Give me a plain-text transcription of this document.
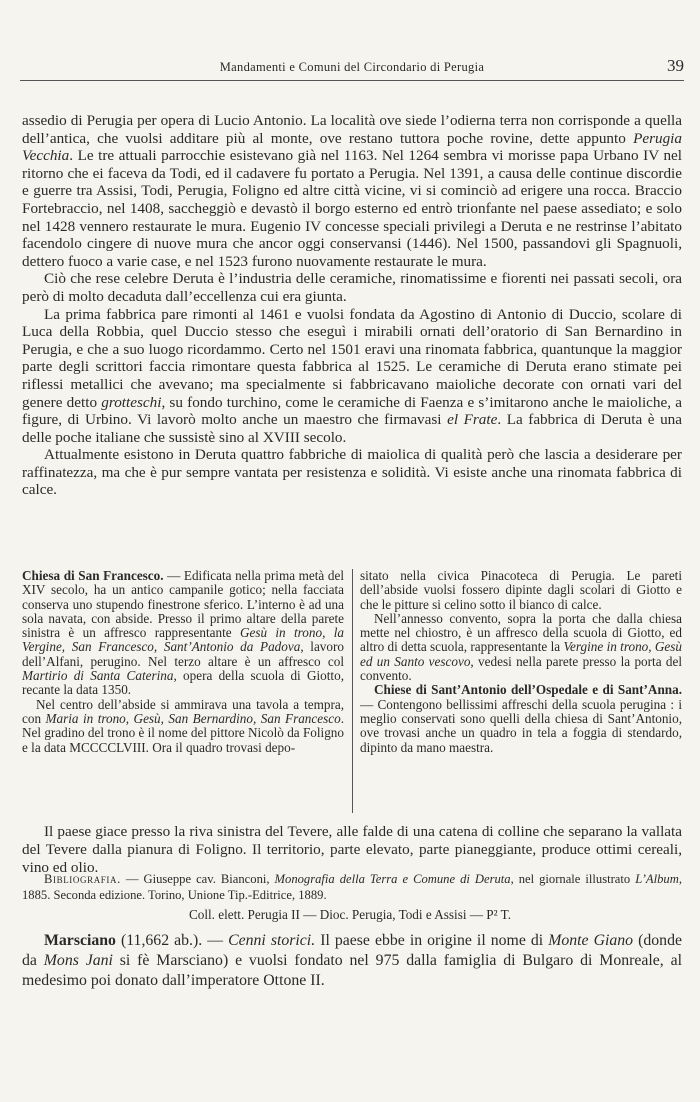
Mandamenti e Comuni del Circondario di Perugia	39

assedio di Perugia per opera di Lucio Antonio. La località ove siede l’odierna terra non corrisponde a quella dell’antica, che vuolsi additare più al monte, ove restano tuttora poche rovine, dette appunto Perugia Vecchia. Le tre attuali parrocchie esistevano già nel 1163. Nel 1264 sembra vi morisse papa Urbano IV nel ritorno che ei faceva da Todi, ed il cadavere fu portato a Perugia. Nel 1391, a causa delle continue discordie e guerre tra Assisi, Todi, Perugia, Foligno ed altre città vicine, vi si cominciò ad erigere una rocca. Braccio Fortebraccio, nel 1408, saccheggiò e devastò il borgo esterno ed entrò trionfante nel paese assediato; e solo nel 1428 vennero restaurate le mura. Eugenio IV concesse speciali privilegi a Deruta e ne restrinse l’abitato facendolo cingere di nuove mura che ancor oggi conservansi (1446). Nel 1500, passandovi gli Spagnuoli, dettero fuoco a varie case, e nel 1523 furono nuovamente restaurate le mura.

Ciò che rese celebre Deruta è l’industria delle ceramiche, rinomatissime e fiorenti nei passati secoli, ora però di molto decaduta dall’eccellenza cui era giunta.

La prima fabbrica pare rimonti al 1461 e vuolsi fondata da Agostino di Antonio di Duccio, scolare di Luca della Robbia, quel Duccio stesso che eseguì i mirabili ornati dell’oratorio di San Bernardino in Perugia, e che a suo luogo ricordammo. Certo nel 1501 eravi una rinomata fabbrica, quantunque la maggior parte degli scrittori faccia rimontare questa fabbrica al 1525. Le ceramiche di Deruta erano stimate pei riflessi metallici che avevano; ma specialmente si fabbricavano maioliche decorate con ornati vari del genere detto grotteschi, su fondo turchino, come le ceramiche di Faenza e s’imitarono anche le maioliche, a figure, di Urbino. Vi lavorò molto anche un maestro che firmavasi el Frate. La fabbrica di Deruta è una delle poche italiane che sussistè sino al XVIII secolo.

Attualmente esistono in Deruta quattro fabbriche di maiolica di qualità però che lascia a desiderare per raffinatezza, ma che è pur sempre vantata per resistenza e solidità. Vi esiste anche una rinomata fabbrica di calce.

Chiesa di San Francesco. — Edificata nella prima metà del XIV secolo, ha un antico campanile gotico; nella facciata conserva uno stupendo finestrone sferico. L’interno è ad una sola navata, con abside. Presso il primo altare della parete sinistra è un affresco rappresentante Gesù in trono, la Vergine, San Francesco, Sant’Antonio da Padova, lavoro dell’Alfani, perugino. Nel terzo altare è un affresco col Martirio di Santa Caterina, opera della scuola di Giotto, recante la data 1350.

Nel centro dell’abside si ammirava una tavola a tempra, con Maria in trono, Gesù, San Bernardino, San Francesco. Nel gradino del trono è il nome del pittore Nicolò da Foligno e la data MCCCCLVIII. Ora il quadro trovasi depo-

sitato nella civica Pinacoteca di Perugia. Le pareti dell’abside vuolsi fossero dipinte dagli scolari di Giotto e che le pitture si celino sotto il bianco di calce.

Nell’annesso convento, sopra la porta che dalla chiesa mette nel chiostro, è un affresco della scuola di Giotto, ed altro di detta scuola, rappresentante la Vergine in trono, Gesù ed un Santo vescovo, vedesi nella parete presso la porta del convento.

Chiese di Sant’Antonio dell’Ospedale e di Sant’Anna. — Contengono bellissimi affreschi della scuola perugina : i meglio conservati sono quelli della chiesa di Sant’Antonio, ove trovasi anche un quadro in tela a foggia di stendardo, dipinto da mano maestra.

Il paese giace presso la riva sinistra del Tevere, alle falde di una catena di colline che separano la vallata del Tevere dalla pianura di Foligno. Il territorio, parte elevato, parte pianeggiante, produce ottimi cereali, vino ed olio.

Bibliografia. — Giuseppe cav. Bianconi, Monografia della Terra e Comune di Deruta, nel giornale illustrato L’Album, 1885. Seconda edizione. Torino, Unione Tip.-Editrice, 1889.
Coll. elett. Perugia II — Dioc. Perugia, Todi e Assisi — P² T.

Marsciano (11,662 ab.). — Cenni storici. Il paese ebbe in origine il nome di Monte Giano (donde da Mons Jani si fè Marsciano) e vuolsi fondato nel 975 dalla famiglia di Bulgaro di Monreale, al medesimo poi donato dall’imperatore Ottone II.
